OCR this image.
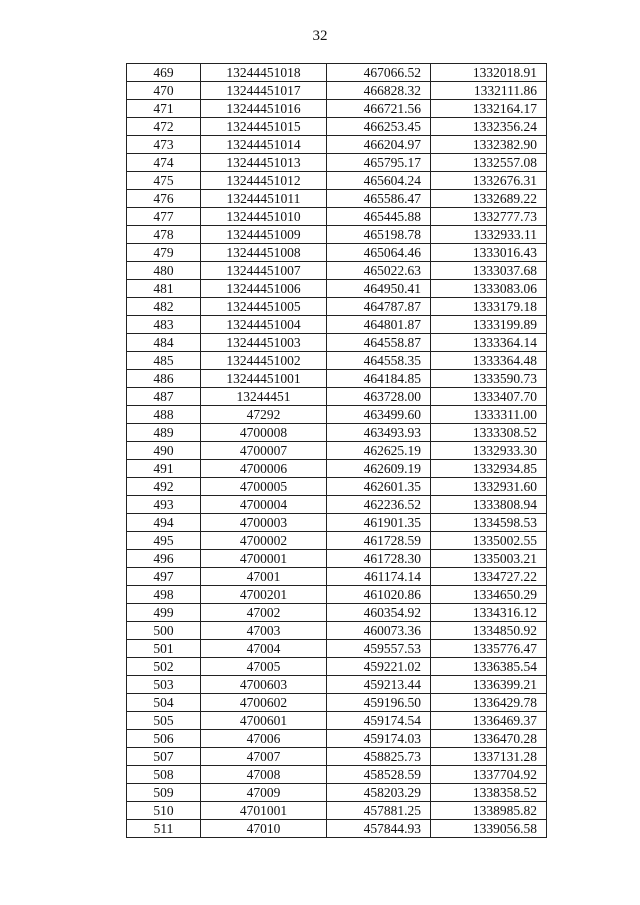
32
469	13244451018	467066.52	1332018.91
470	13244451017	466828.32	1332111.86
471	13244451016	466721.56	1332164.17
472	13244451015	466253.45	1332356.24
473	13244451014	466204.97	1332382.90
474	13244451013	465795.17	1332557.08
475	13244451012	465604.24	1332676.31
476	13244451011	465586.47	1332689.22
477	13244451010	465445.88	1332777.73
478	13244451009	465198.78	1332933.11
479	13244451008	465064.46	1333016.43
480	13244451007	465022.63	1333037.68
481	13244451006	464950.41	1333083.06
482	13244451005	464787.87	1333179.18
483	13244451004	464801.87	1333199.89
484	13244451003	464558.87	1333364.14
485	13244451002	464558.35	1333364.48
486	13244451001	464184.85	1333590.73
487	13244451	463728.00	1333407.70
488	47292	463499.60	1333311.00
489	4700008	463493.93	1333308.52
490	4700007	462625.19	1332933.30
491	4700006	462609.19	1332934.85
492	4700005	462601.35	1332931.60
493	4700004	462236.52	1333808.94
494	4700003	461901.35	1334598.53
495	4700002	461728.59	1335002.55
496	4700001	461728.30	1335003.21
497	47001	461174.14	1334727.22
498	4700201	461020.86	1334650.29
499	47002	460354.92	1334316.12
500	47003	460073.36	1334850.92
501	47004	459557.53	1335776.47
502	47005	459221.02	1336385.54
503	4700603	459213.44	1336399.21
504	4700602	459196.50	1336429.78
505	4700601	459174.54	1336469.37
506	47006	459174.03	1336470.28
507	47007	458825.73	1337131.28
508	47008	458528.59	1337704.92
509	47009	458203.29	1338358.52
510	4701001	457881.25	1338985.82
511	47010	457844.93	1339056.58
